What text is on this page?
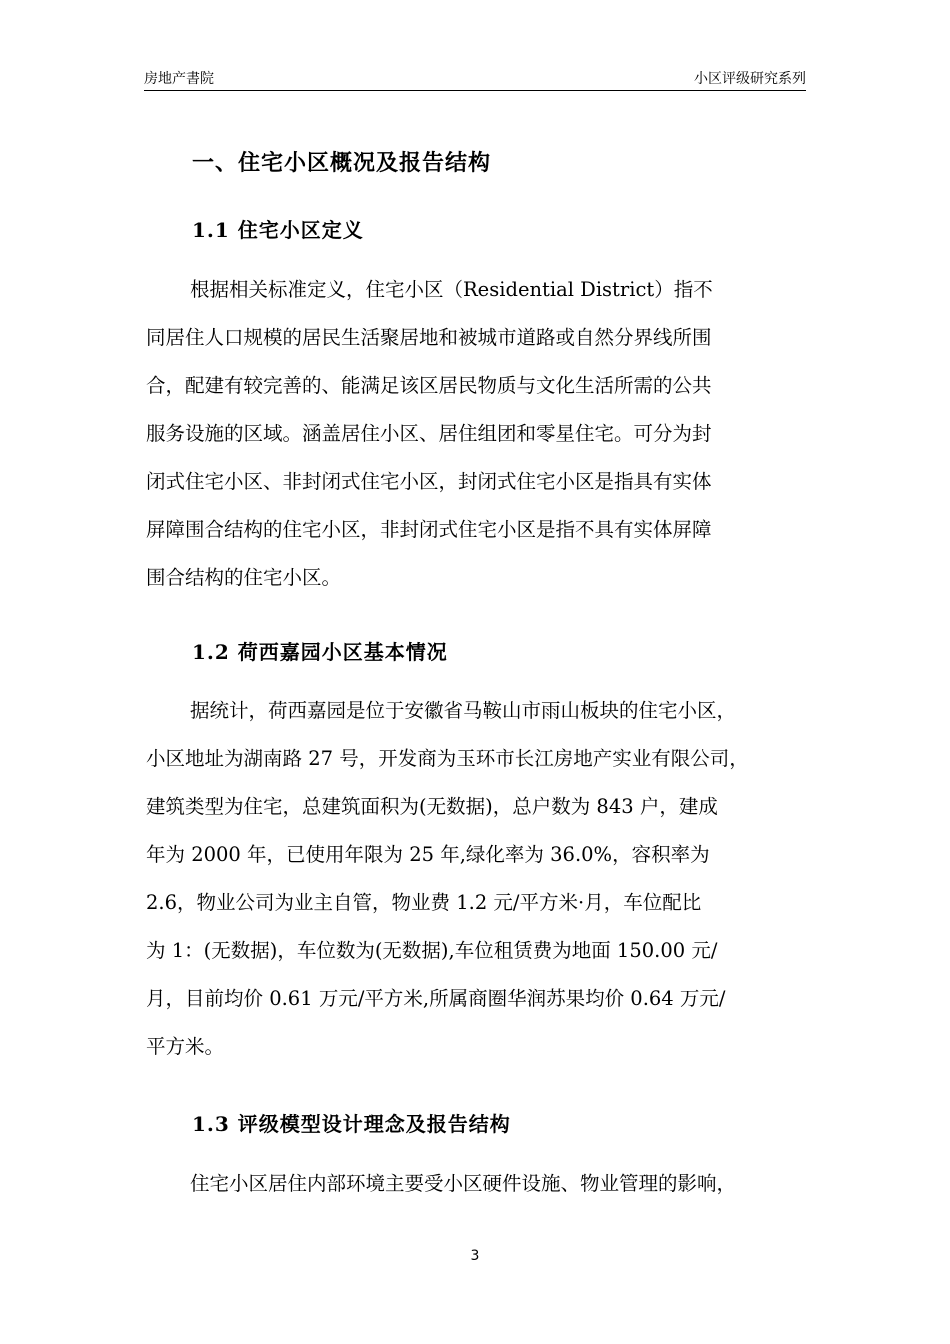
房地产書院	小区评级研究系列
一、住宅小区概况及报告结构
1.1 住宅小区定义
根据相关标准定义，住宅小区（Residential District）指不
同居住人口规模的居民生活聚居地和被城市道路或自然分界线所围
合，配建有较完善的、能满足该区居民物质与文化生活所需的公共
服务设施的区域。涵盖居住小区、居住组团和零星住宅。可分为封
闭式住宅小区、非封闭式住宅小区，封闭式住宅小区是指具有实体
屏障围合结构的住宅小区，非封闭式住宅小区是指不具有实体屏障
围合结构的住宅小区。
1.2 荷西嘉园小区基本情况
据统计，荷西嘉园是位于安徽省马鞍山市雨山板块的住宅小区，
小区地址为湖南路 27 号，开发商为玉环市长江房地产实业有限公司，
建筑类型为住宅，总建筑面积为(无数据)，总户数为 843 户，建成
年为 2000 年，已使用年限为 25 年,绿化率为 36.0%，容积率为
2.6，物业公司为业主自管，物业费 1.2 元/平方米·月，车位配比
为 1：(无数据)，车位数为(无数据),车位租赁费为地面 150.00 元/
月，目前均价 0.61 万元/平方米,所属商圈华润苏果均价 0.64 万元/
平方米。
1.3 评级模型设计理念及报告结构
住宅小区居住内部环境主要受小区硬件设施、物业管理的影响，
3
